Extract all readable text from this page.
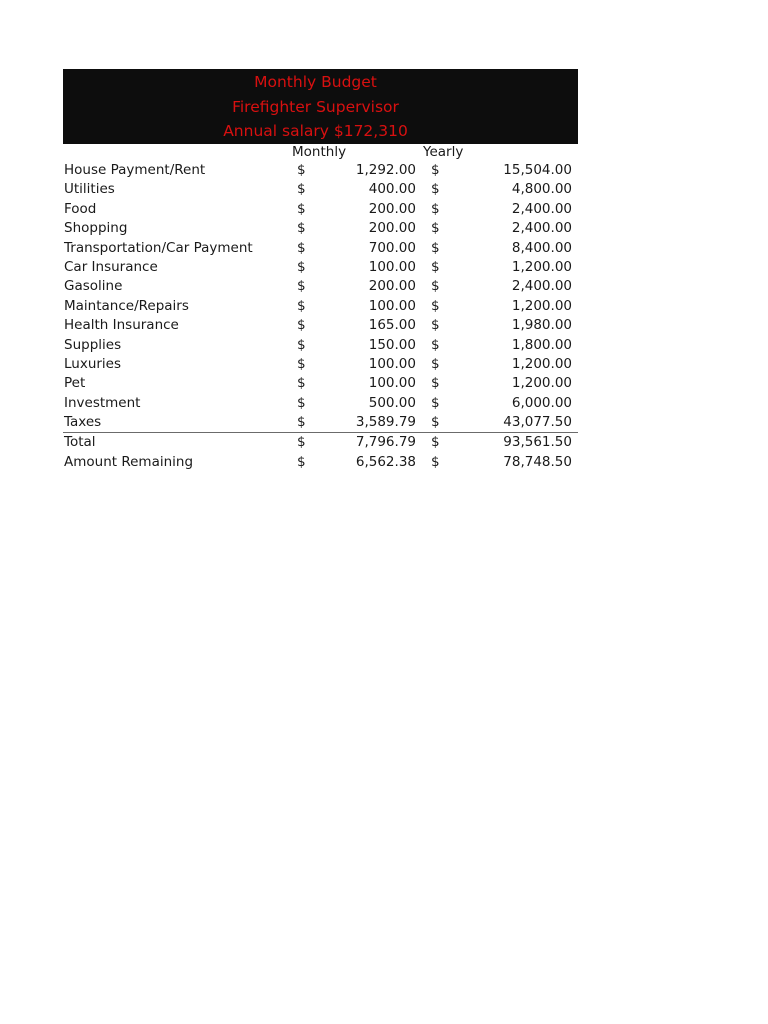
Monthly Budget
Firefighter Supervisor
Annual salary $172,310
Monthly	Yearly
House Payment/Rent	$	1,292.00 $	15,504.00
Utilities	$	400.00 $	4,800.00
Food	$	200.00 $	2,400.00
Shopping	$	200.00 $	2,400.00
Transportation/Car Payment	$	700.00 $	8,400.00
Car Insurance	$	100.00 $	1,200.00
Gasoline	$	200.00 $	2,400.00
Maintance/Repairs	$	100.00 $	1,200.00
Health Insurance	$	165.00 $	1,980.00
Supplies	$	150.00 $	1,800.00
Luxuries	$	100.00 $	1,200.00
Pet	$	100.00 $	1,200.00
Investment	$	500.00 $	6,000.00
Taxes	$	3,589.79 $	43,077.50
Total	$	7,796.79 $	93,561.50
Amount Remaining	$	6,562.38 $	78,748.50
